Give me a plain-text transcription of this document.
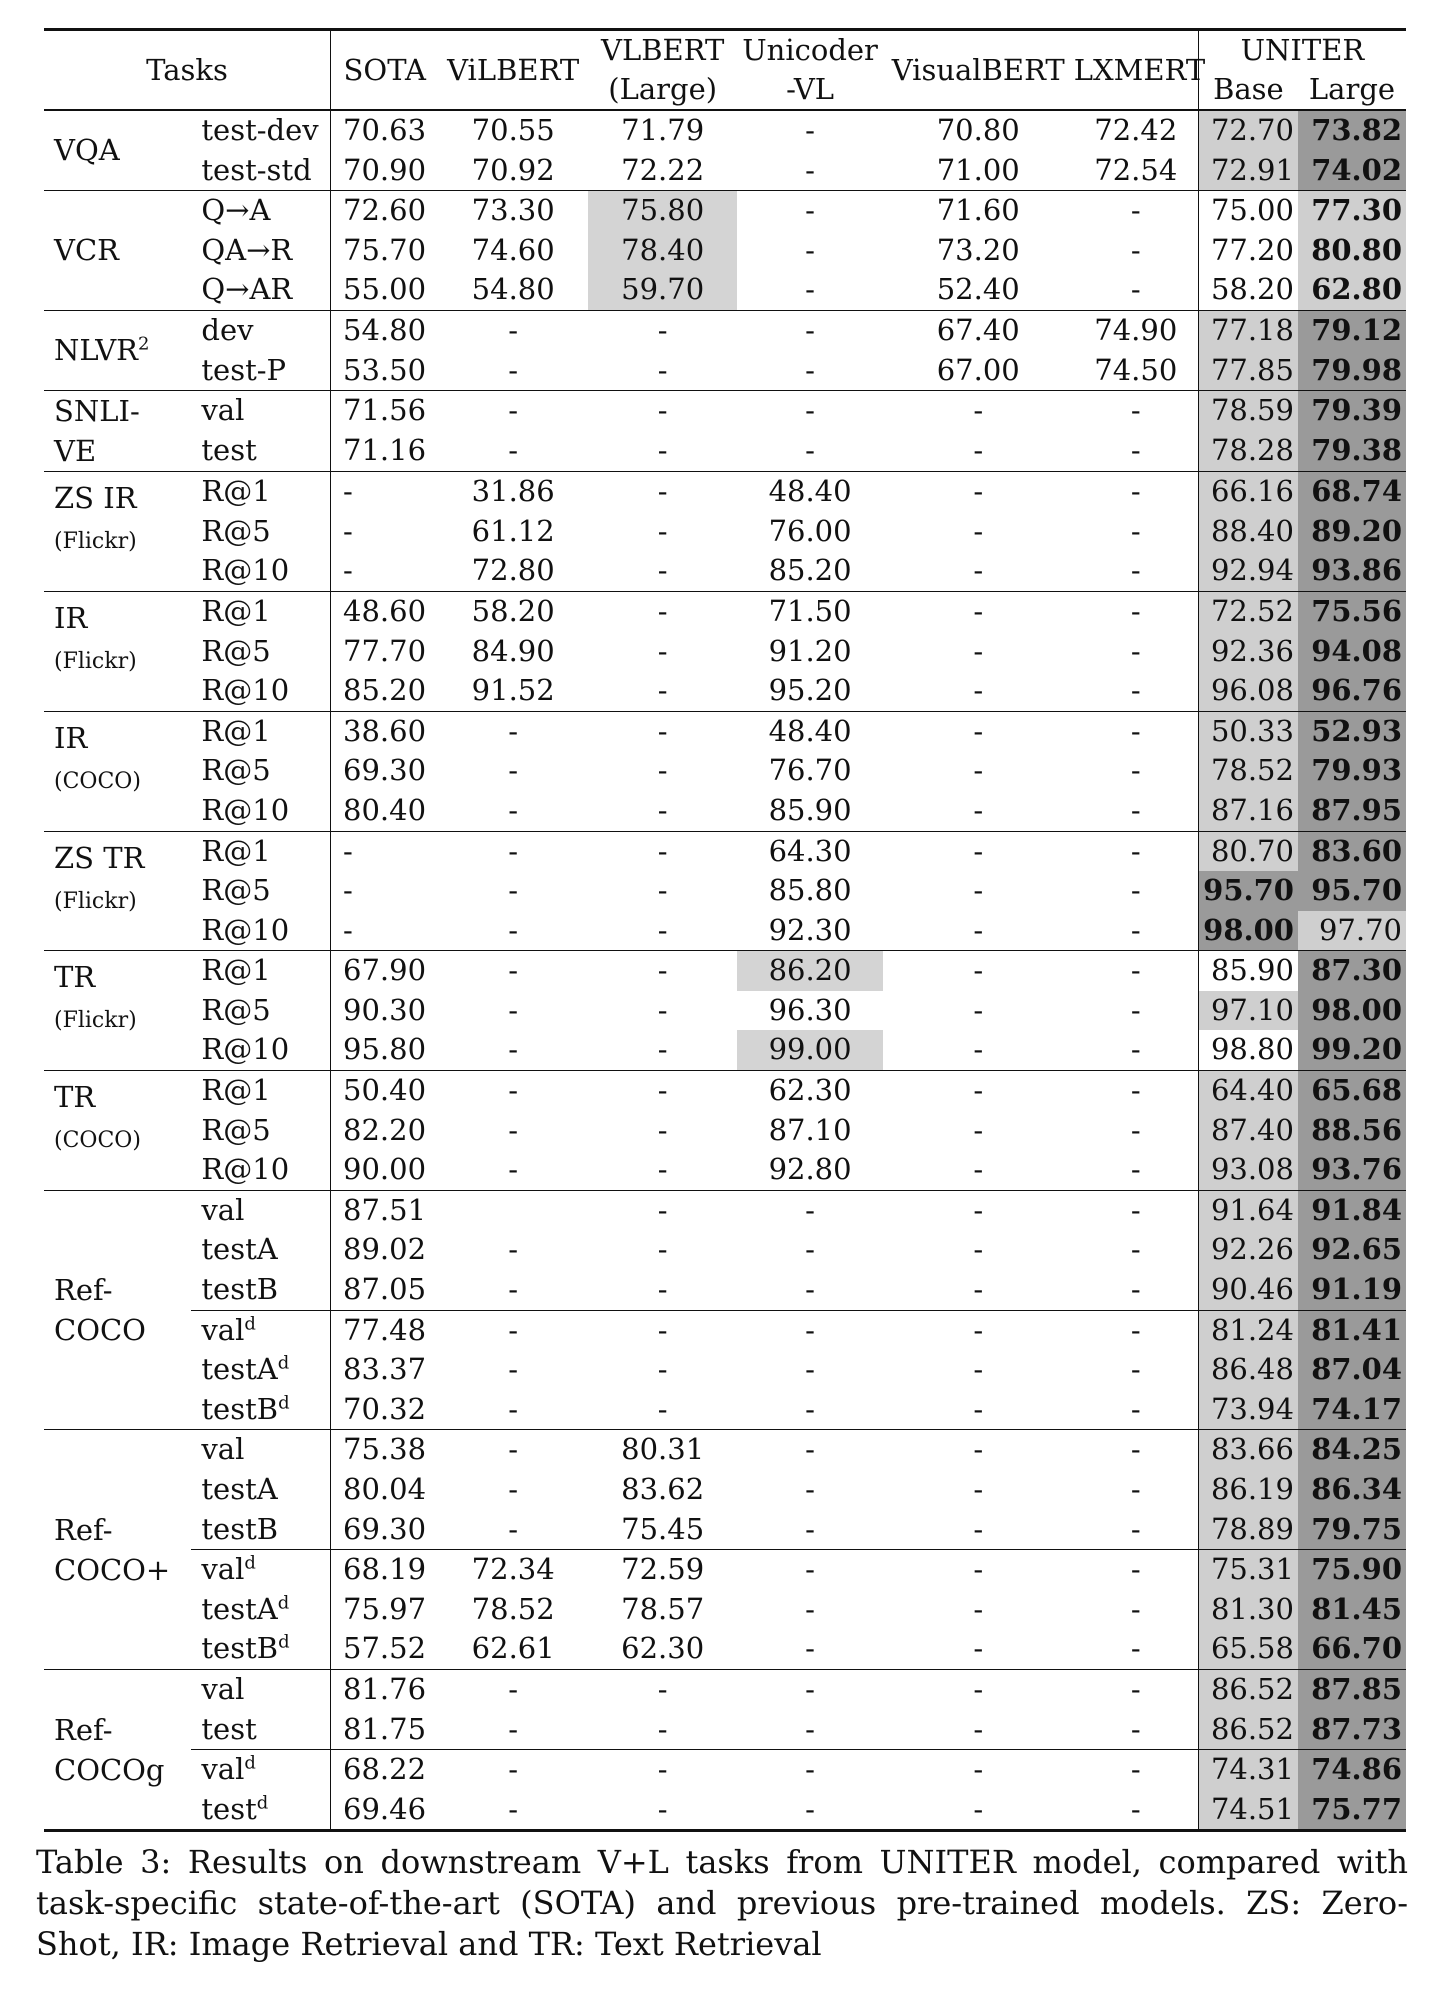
Tasks		SOTA	ViLBERT	VLBERT	Unicoder	VisualBERT	LXMERT	UNITER	
				(Large)	-VL			Base	Large
VQA	test-dev	70.63	70.55	71.79	-	70.80	72.42	72.70	73.82
	test-std	70.90	70.92	72.22	-	71.00	72.54	72.91	74.02
VCR	Q→A	72.60	73.30	75.80	-	71.60	-	75.00	77.30
	QA→R	75.70	74.60	78.40	-	73.20	-	77.20	80.80
	Q→AR	55.00	54.80	59.70	-	52.40	-	58.20	62.80
NLVR$^2$	dev	54.80	-	-	-	67.40	74.90	77.18	79.12
	test-P	53.50	-	-	-	67.00	74.50	77.85	79.98
SNLI-
VE	val	71.56	-	-	-	-	-	78.59	79.39
	test	71.16	-	-	-	-	-	78.28	79.38
ZS IR
(Flickr)	R@1	-	31.86	-	48.40	-	-	66.16	68.74
	R@5	-	61.12	-	76.00	-	-	88.40	89.20
	R@10	-	72.80	-	85.20	-	-	92.94	93.86
IR
(Flickr)	R@1	48.60	58.20	-	71.50	-	-	72.52	75.56
	R@5	77.70	84.90	-	91.20	-	-	92.36	94.08
	R@10	85.20	91.52	-	95.20	-	-	96.08	96.76
IR
(COCO)	R@1	38.60	-	-	48.40	-	-	50.33	52.93
	R@5	69.30	-	-	76.70	-	-	78.52	79.93
	R@10	80.40	-	-	85.90	-	-	87.16	87.95
ZS TR
(Flickr)	R@1	-	-	-	64.30	-	-	80.70	83.60
	R@5	-	-	-	85.80	-	-	95.70	95.70
	R@10	-	-	-	92.30	-	-	98.00	97.70
TR
(Flickr)	R@1	67.90	-	-	86.20	-	-	85.90	87.30
	R@5	90.30	-	-	96.30	-	-	97.10	98.00
	R@10	95.80	-	-	99.00	-	-	98.80	99.20
TR
(COCO)	R@1	50.40	-	-	62.30	-	-	64.40	65.68
	R@5	82.20	-	-	87.10	-	-	87.40	88.56
	R@10	90.00	-	-	92.80	-	-	93.08	93.76
Ref-
COCO	val	87.51		-	-	-	-	91.64	91.84
	testA	89.02	-	-	-	-	-	92.26	92.65
	testB	87.05	-	-	-	-	-	90.46	91.19
	val$^d$	77.48	-	-	-	-	-	81.24	81.41
	testA$^d$	83.37	-	-	-	-	-	86.48	87.04
	testB$^d$	70.32	-	-	-	-	-	73.94	74.17
Ref-
COCO+	val	75.38	-	80.31	-	-	-	83.66	84.25
	testA	80.04	-	83.62	-	-	-	86.19	86.34
	testB	69.30	-	75.45	-	-	-	78.89	79.75
	val$^d$	68.19	72.34	72.59	-	-	-	75.31	75.90
	testA$^d$	75.97	78.52	78.57	-	-	-	81.30	81.45
	testB$^d$	57.52	62.61	62.30	-	-	-	65.58	66.70
Ref-
COCOg	val	81.76	-	-	-	-	-	86.52	87.85
	test	81.75	-	-	-	-	-	86.52	87.73
	val$^d$	68.22	-	-	-	-	-	74.31	74.86
	test$^d$	69.46	-	-	-	-	-	74.51	75.77
Table 3: Results on downstream V+L tasks from UNITER model, compared with task-specific state-of-the-art (SOTA) and previous pre-trained models. ZS: Zero-Shot, IR: Image Retrieval and TR: Text Retrieval
